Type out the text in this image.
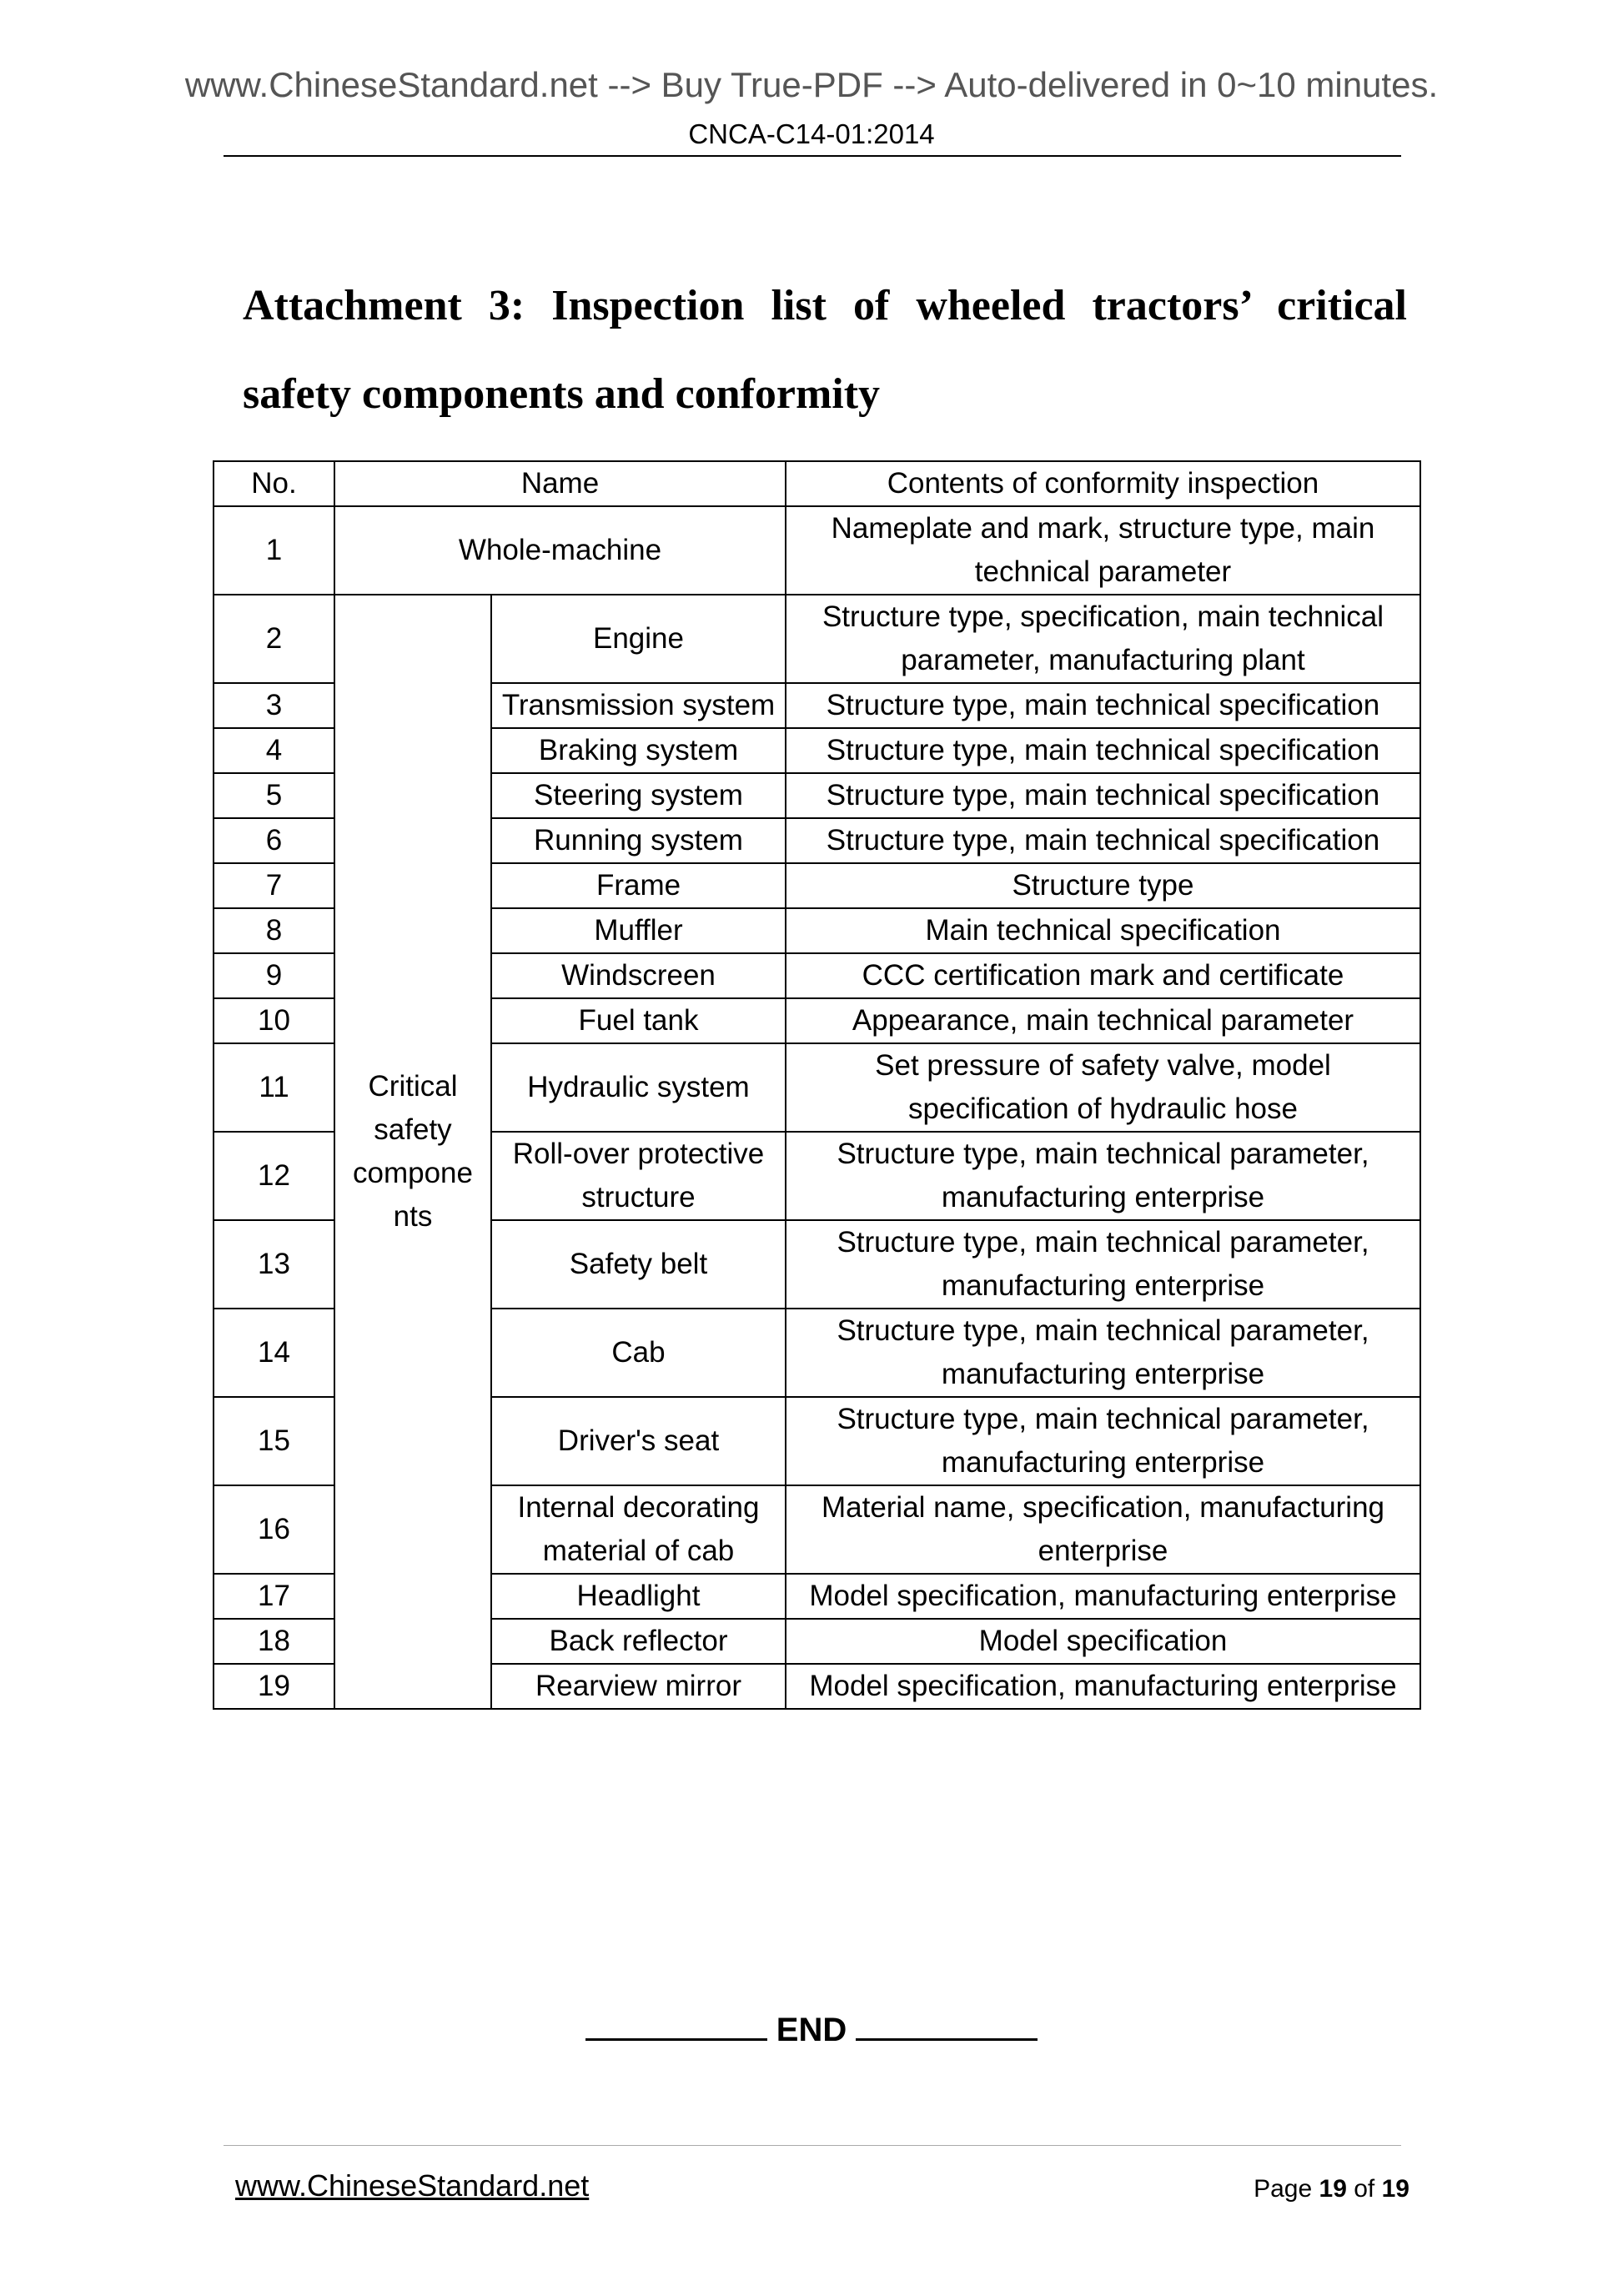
www.ChineseStandard.net --> Buy True-PDF --> Auto-delivered in 0~10 minutes.
CNCA-C14-01:2014
Attachment 3: Inspection list of wheeled tractors’ critical safety components and conformity
No.	Name		Contents of conformity inspection
1	Whole-machine		Nameplate and mark, structure type, main technical parameter
2	Critical safety compone nts	Engine	Structure type, specification, main technical parameter, manufacturing plant
3		Transmission system	Structure type, main technical specification
4		Braking system	Structure type, main technical specification
5		Steering system	Structure type, main technical specification
6		Running system	Structure type, main technical specification
7		Frame	Structure type
8		Muffler	Main technical specification
9		Windscreen	CCC certification mark and certificate
10		Fuel tank	Appearance, main technical parameter
11		Hydraulic system	Set pressure of safety valve, model specification of hydraulic hose
12		Roll-over protective structure	Structure type, main technical parameter, manufacturing enterprise
13		Safety belt	Structure type, main technical parameter, manufacturing enterprise
14		Cab	Structure type, main technical parameter, manufacturing enterprise
15		Driver's seat	Structure type, main technical parameter, manufacturing enterprise
16		Internal decorating material of cab	Material name, specification, manufacturing enterprise
17		Headlight	Model specification, manufacturing enterprise
18		Back reflector	Model specification
19		Rearview mirror	Model specification, manufacturing enterprise
END
www.ChineseStandard.net	Page 19 of 19
